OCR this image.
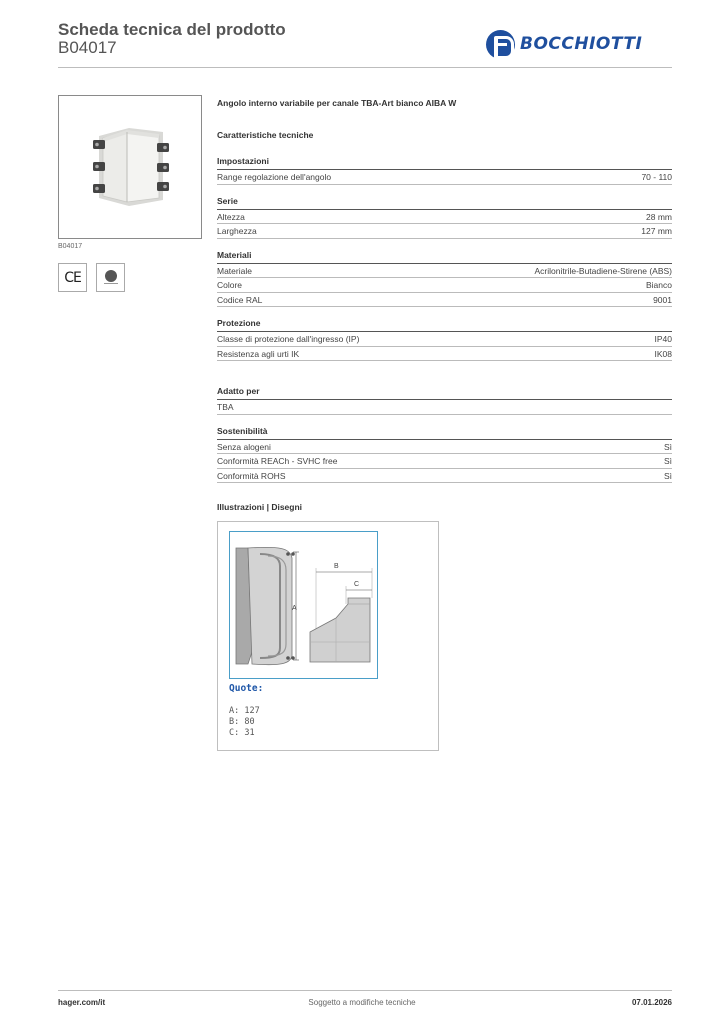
Scheda tecnica del prodotto
B04017	BOCCHIOTTI
B04017
CE
Angolo interno variabile per canale TBA-Art bianco AIBA W
Caratteristiche tecniche
Impostazioni
Range regolazione dell'angolo	70 - 110
Serie
Altezza	28 mm
Larghezza	127 mm
Materiali
Materiale	Acrilonitrile-Butadiene-Stirene (ABS)
Colore	Bianco
Codice RAL	9001
Protezione
Classe di protezione dall'ingresso (IP)	IP40
Resistenza agli urti IK	IK08
Adatto per
TBA
Sostenibilità
Senza alogeni	Sì
Conformità REACh - SVHC free	Sì
Conformità ROHS	Sì
Illustrazioni | Disegni
A
B
C
Quote:
A: 127
B: 80
C: 31
hager.com/it	Soggetto a modifiche tecniche	07.01.2026
